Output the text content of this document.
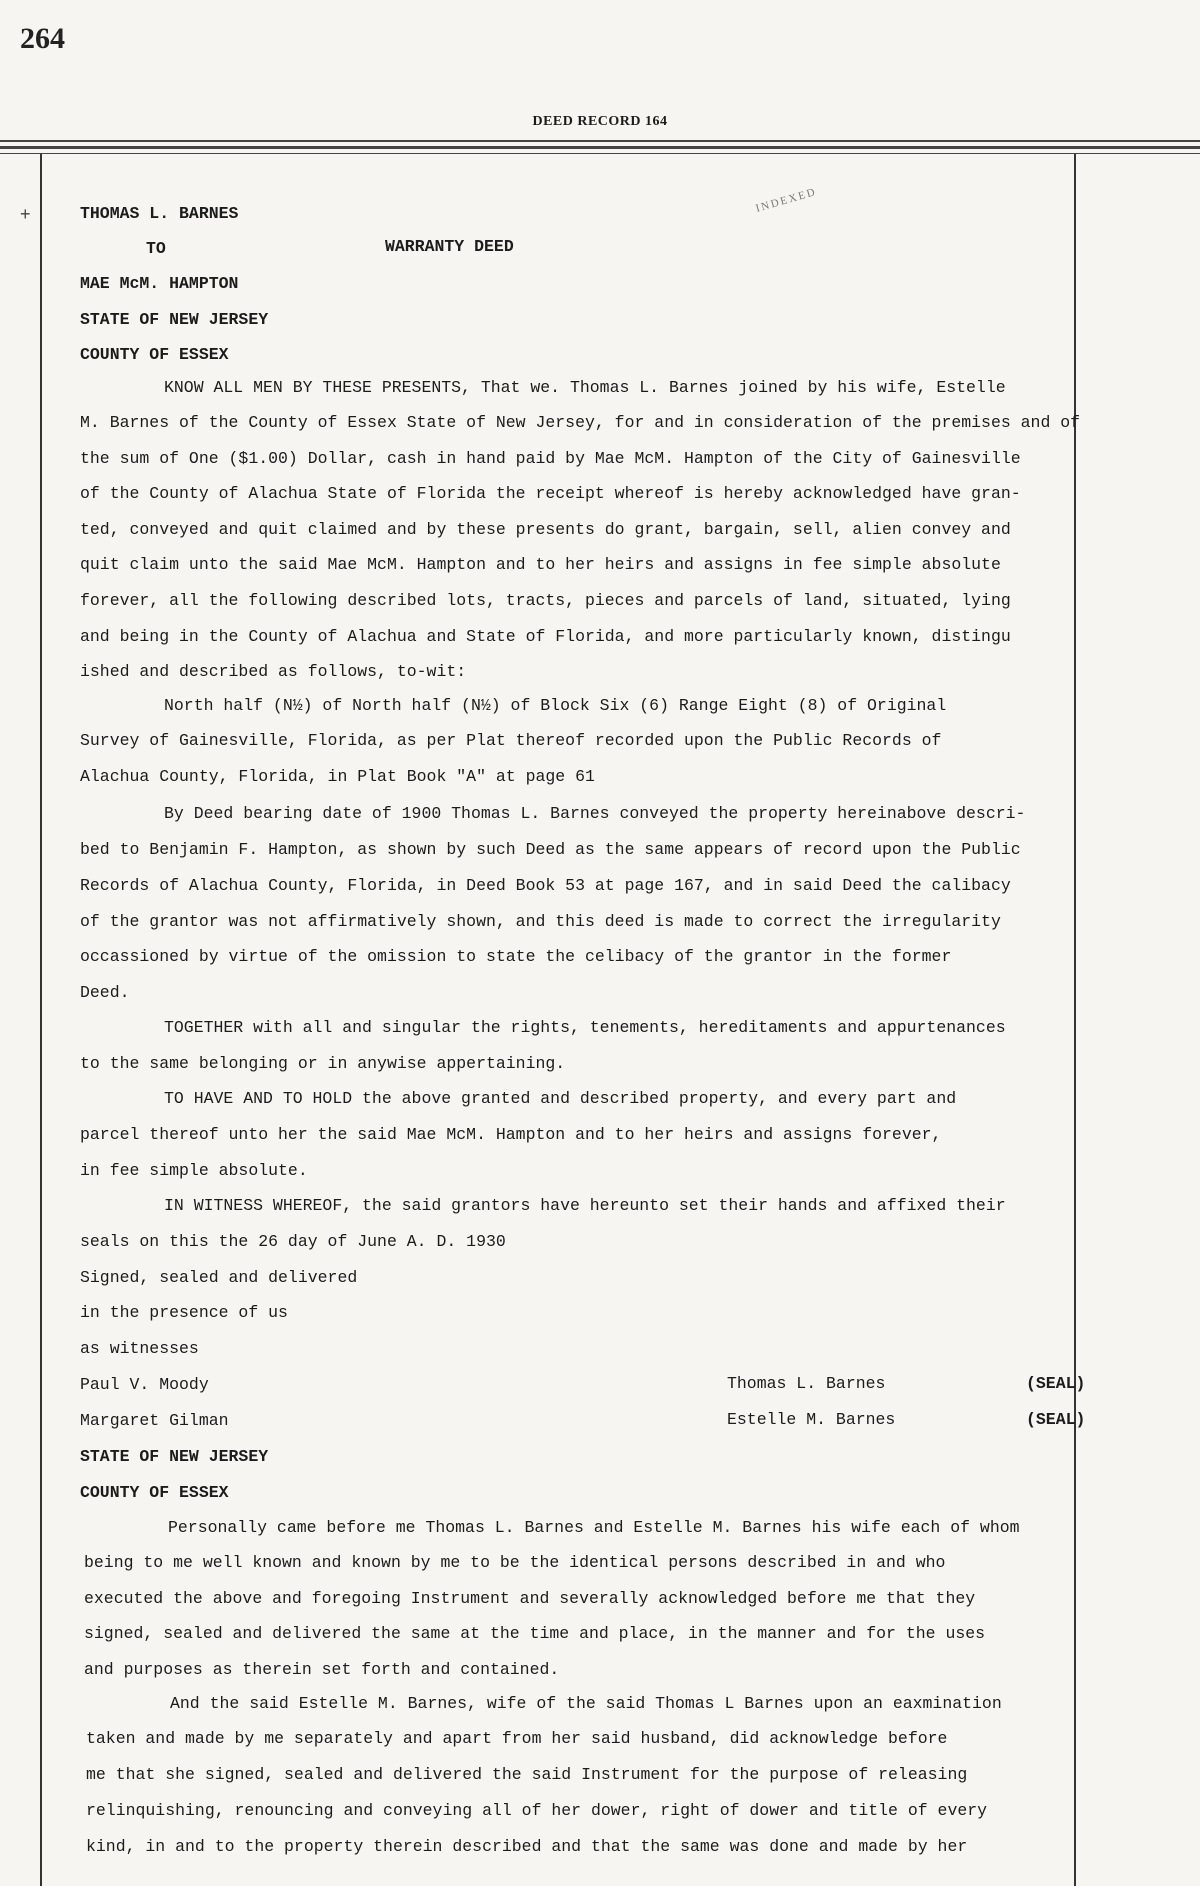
264
DEED RECORD 164
+	INDEXED
THOMAS L. BARNES
TO	WARRANTY DEED
MAE McM. HAMPTON
STATE OF NEW JERSEY
COUNTY OF ESSEX
KNOW ALL MEN BY THESE PRESENTS, That we. Thomas L. Barnes joined by his wife, Estelle
M. Barnes of the County of Essex State of New Jersey, for and in consideration of the premises and of
the sum of One ($1.00) Dollar, cash in hand paid by Mae McM. Hampton of the City of Gainesville
of the County of Alachua State of Florida the receipt whereof is hereby acknowledged have gran-
ted, conveyed and quit claimed and by these presents do grant, bargain, sell, alien convey and
quit claim unto the said Mae McM. Hampton and to her heirs and assigns in fee simple absolute
forever, all the following described lots, tracts, pieces and parcels of land, situated, lying
and being in the County of Alachua and State of Florida, and more particularly known, distingu
ished and described as follows, to-wit:
North half (N½) of North half (N½) of Block Six (6) Range Eight (8) of Original
Survey of Gainesville, Florida, as per Plat thereof recorded upon the Public Records of
Alachua County, Florida, in Plat Book "A" at page 61
By Deed bearing date of 1900 Thomas L. Barnes conveyed the property hereinabove descri-
bed to Benjamin F. Hampton, as shown by such Deed as the same appears of record upon the Public
Records of Alachua County, Florida, in Deed Book 53 at page 167, and in said Deed the calibacy
of the grantor was not affirmatively shown, and this deed is made to correct the irregularity
occassioned by virtue of the omission to state the celibacy of the grantor in the former
Deed.
TOGETHER with all and singular the rights, tenements, hereditaments and appurtenances
to the same belonging or in anywise appertaining.
TO HAVE AND TO HOLD the above granted and described property, and every part and
parcel thereof unto her the said Mae McM. Hampton and to her heirs and assigns forever,
in fee simple absolute.
IN WITNESS WHEREOF, the said grantors have hereunto set their hands and affixed their
seals on this the 26 day of June A. D. 1930
Signed, sealed and delivered
in the presence of us
as witnesses
Paul V. Moody
Margaret Gilman
Thomas L. Barnes
Estelle M. Barnes
(SEAL)
(SEAL)
STATE OF NEW JERSEY
COUNTY OF ESSEX
Personally came before me Thomas L. Barnes and Estelle M. Barnes his wife each of whom
being to me well known and known by me to be the identical persons described in and who
executed the above and foregoing Instrument and severally acknowledged before me that they
signed, sealed and delivered the same at the time and place, in the manner and for the uses
and purposes as therein set forth and contained.
And the said Estelle M. Barnes, wife of the said Thomas L Barnes upon an eaxmination
taken and made by me separately and apart from her said husband, did acknowledge before
me that she signed, sealed and delivered the said Instrument for the purpose of releasing
relinquishing, renouncing and conveying all of her dower, right of dower and title of every
kind, in and to the property therein described and that the same was done and made by her
